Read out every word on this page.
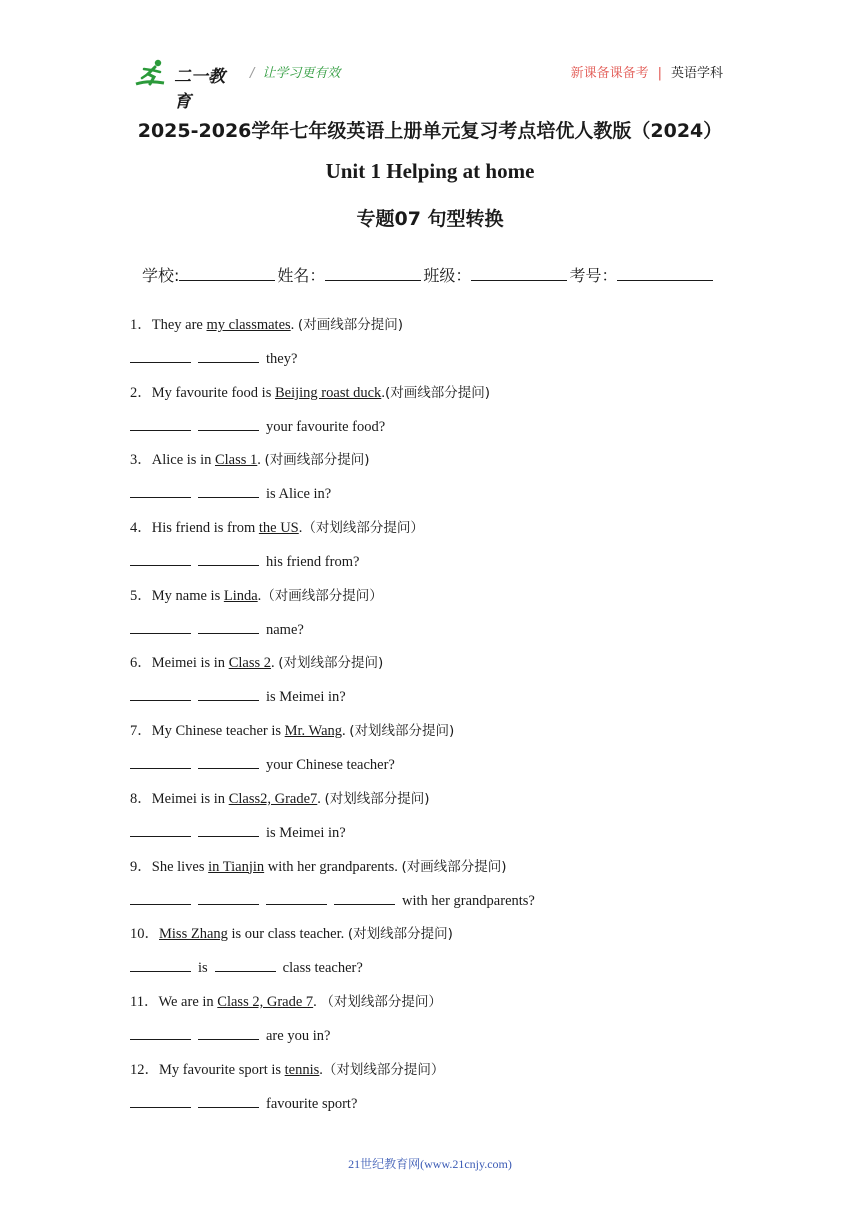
二一教育
/ 让学习更有效	新课备课备考 | 英语学科
2025-2026学年七年级英语上册单元复习考点培优人教版（2024）
Unit 1 Helping at home
专题07 句型转换
学校:	姓名：	班级：	考号：
1．They are my classmates. (对画线部分提问)
they?
2．My favourite food is Beijing roast duck.(对画线部分提问)
your favourite food?
3．Alice is in Class 1. (对画线部分提问)
is Alice in?
4．His friend is from the US.（对划线部分提问）
his friend from?
5．My name is Linda.（对画线部分提问）
name?
6．Meimei is in Class 2. (对划线部分提问)
is Meimei in?
7．My Chinese teacher is Mr. Wang. (对划线部分提问)
your Chinese teacher?
8．Meimei is in Class2, Grade7. (对划线部分提问)
is Meimei in?
9．She lives in Tianjin with her grandparents. (对画线部分提问)
with her grandparents?
10．Miss Zhang is our class teacher. (对划线部分提问)
is	class teacher?
11．We are in Class 2, Grade 7. （对划线部分提问）
are you in?
12．My favourite sport is tennis.（对划线部分提问）
favourite sport?
21世纪教育网(www.21cnjy.com)
